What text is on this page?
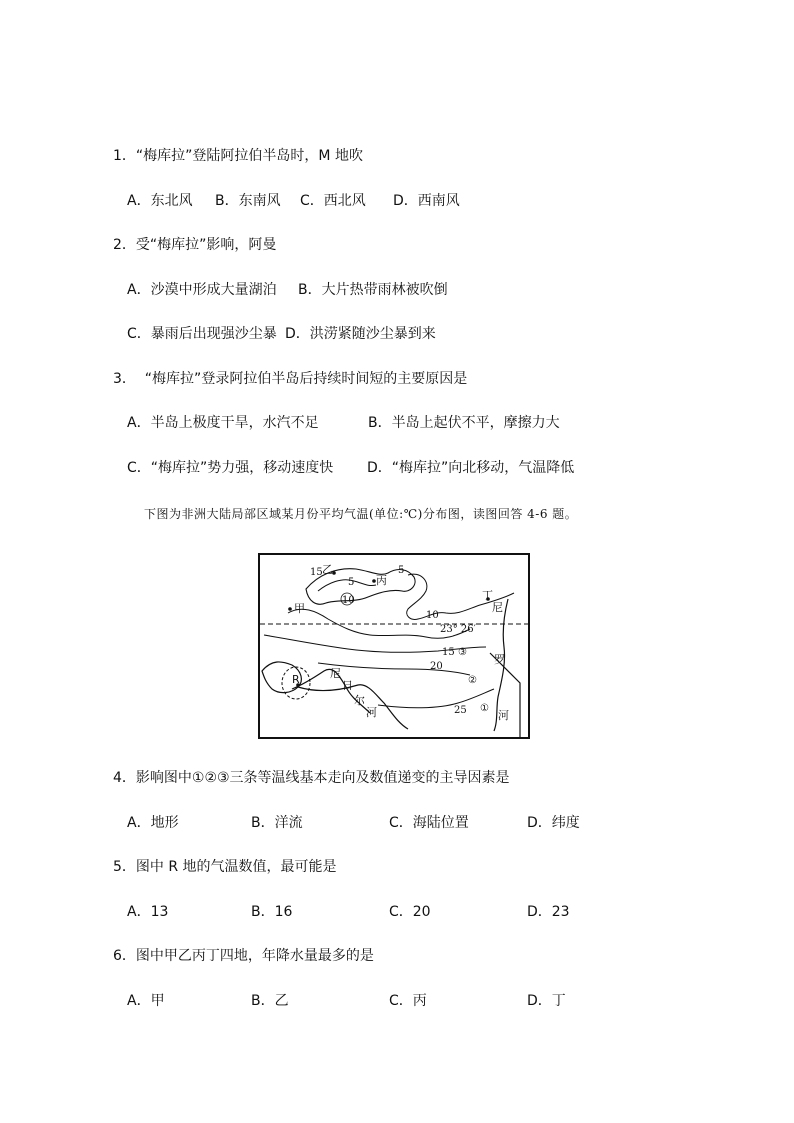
1．“梅库拉”登陆阿拉伯半岛时，M 地吹
A．东北风 B．东南风 C．西北风 D．西南风
2．受“梅库拉”影响，阿曼
A．沙漠中形成大量湖泊 B．大片热带雨林被吹倒
C．暴雨后出现强沙尘暴 D．洪涝紧随沙尘暴到来
3．  “梅库拉”登录阿拉伯半岛后持续时间短的主要原因是
A．半岛上极度干旱，水汽不足	B．半岛上起伏不平，摩擦力大
C．“梅库拉”势力强，移动速度快 D．“梅库拉”向北移动，气温降低
下图为非洲大陆局部区域某月份平均气温(单位:℃)分布图，读图回答 4-6 题。
15	5
5
10
10
15
20
25
③
②
①
23° 26′
乙
丙
甲
丁
R	尼
日
尔
河
尼
罗
河
4．影响图中①②③三条等温线基本走向及数值递变的主导因素是
A．地形	B．洋流	C．海陆位置	D．纬度
5．图中 R 地的气温数值，最可能是
A．13	B．16	C．20	D．23
6．图中甲乙丙丁四地，年降水量最多的是
A．甲	B．乙	C．丙	D．丁
